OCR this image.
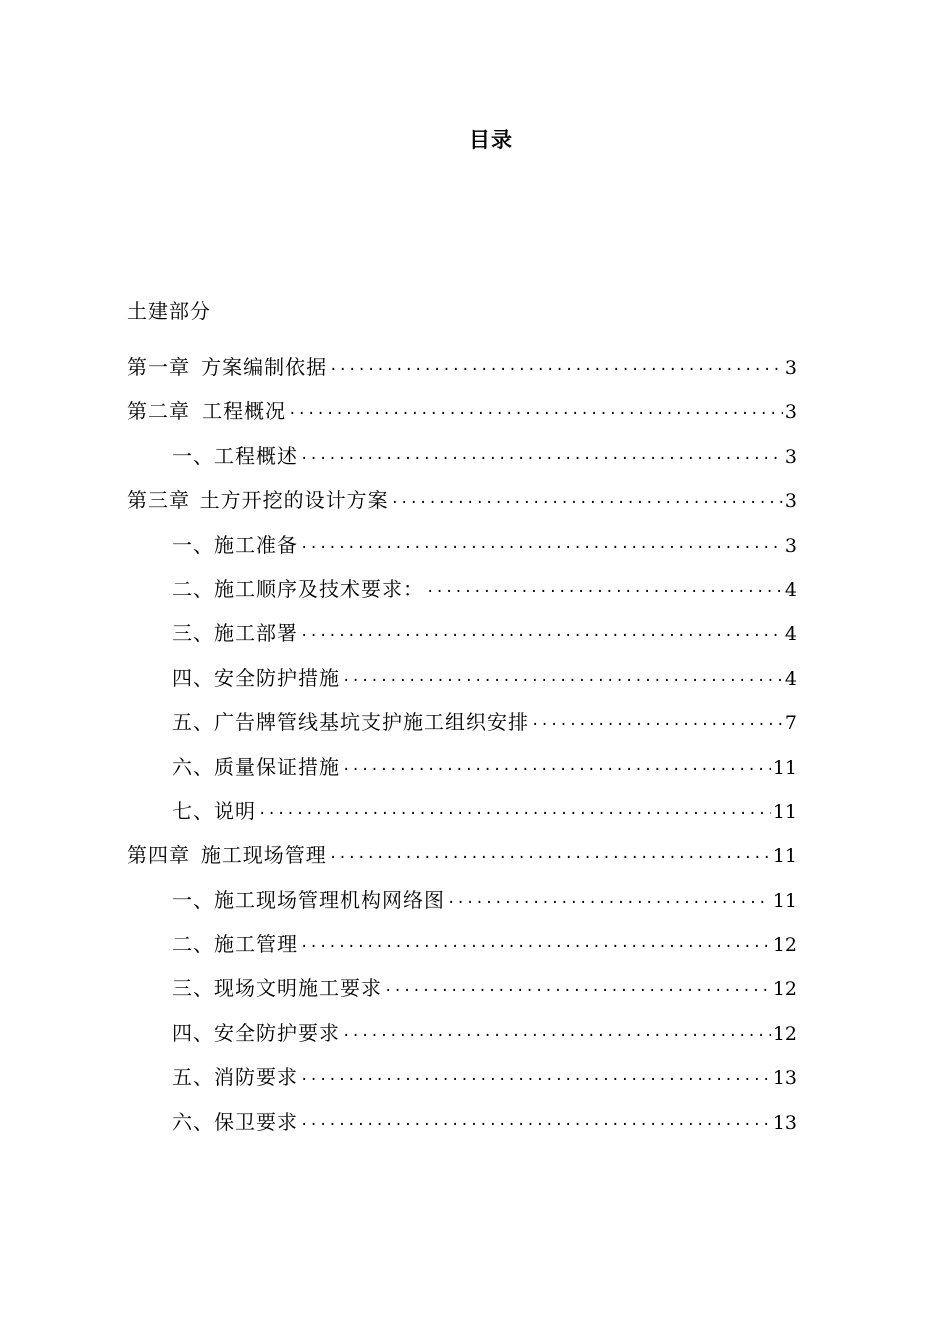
目录
土建部分
第一章 方案编制依据 ·····	3
第二章 工程概况 ·····	3
一、 工程概述 ·····	3
第三章 土方开挖的设计方案 ·····	3
一、 施工准备 ·····	3
二、 施工顺序及技术要求： ·····	4
三、 施工部署 ·····	4
四、 安全防护措施 ·····	4
五、 广告牌管线基坑支护施工组织安排 ·····	7
六、 质量保证措施 ·····	11
七、 说明 ·····	11
第四章 施工现场管理 ·····	11
一、 施工现场管理机构网络图 ·····	11
二、 施工管理 ·····	12
三、 现场文明施工要求 ·····	12
四、 安全防护要求 ·····	12
五、 消防要求 ·····	13
六、 保卫要求 ·····	13
